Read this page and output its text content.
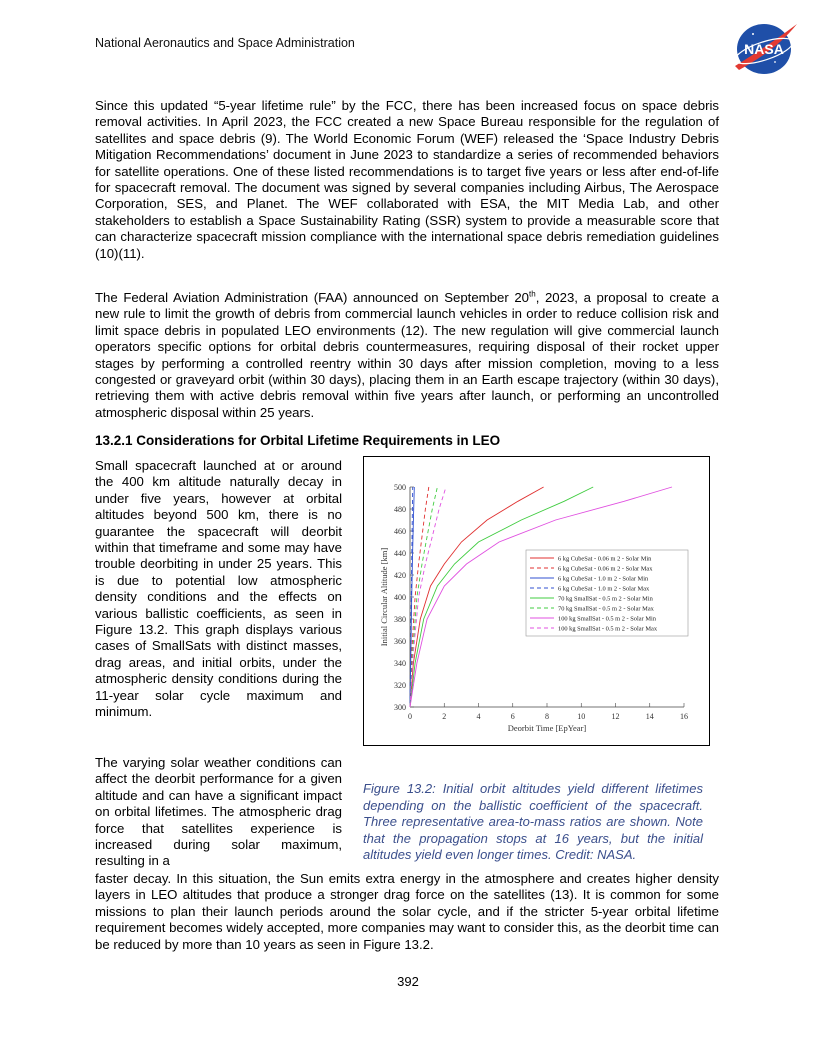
National Aeronautics and Space Administration	NASA

Since this updated “5-year lifetime rule” by the FCC, there has been increased focus on space debris removal activities. In April 2023, the FCC created a new Space Bureau responsible for the regulation of satellites and space debris (9). The World Economic Forum (WEF) released the ‘Space Industry Debris Mitigation Recommendations’ document in June 2023 to standardize a series of recommended behaviors for satellite operations. One of these listed recommendations is to target five years or less after end-of-life for spacecraft removal. The document was signed by several companies including Airbus, The Aerospace Corporation, SES, and Planet. The WEF collaborated with ESA, the MIT Media Lab, and other stakeholders to establish a Space Sustainability Rating (SSR) system to provide a measurable score that can characterize spacecraft mission compliance with the international space debris remediation guidelines (10)(11).

The Federal Aviation Administration (FAA) announced on September 20th, 2023, a proposal to create a new rule to limit the growth of debris from commercial launch vehicles in order to reduce collision risk and limit space debris in populated LEO environments (12). The new regulation will give commercial launch operators specific options for orbital debris countermeasures, requiring disposal of their rocket upper stages by performing a controlled reentry within 30 days after mission completion, moving to a less congested or graveyard orbit (within 30 days), placing them in an Earth escape trajectory (within 30 days), retrieving them with active debris removal within five years after launch, or performing an uncontrolled atmospheric disposal within 25 years.

13.2.1 Considerations for Orbital Lifetime Requirements in LEO

Small spacecraft launched at or around the 400 km altitude naturally decay in under five years, however at orbital altitudes beyond 500 km, there is no guarantee the spacecraft will deorbit within that timeframe and some may have trouble deorbiting in under 25 years. This is due to potential low atmospheric density conditions and the effects on various ballistic coefficients, as seen in Figure 13.2. This graph displays various cases of SmallSats with distinct masses, drag areas, and initial orbits, under the atmospheric density conditions during the 11-year solar cycle maximum and minimum.

The varying solar weather conditions can affect the deorbit performance for a given altitude and can have a significant impact on orbital lifetimes. The atmospheric drag force that satellites experience is increased during solar maximum, resulting in a

faster decay. In this situation, the Sun emits extra energy in the atmosphere and creates higher density layers in LEO altitudes that produce a stronger drag force on the satellites (13). It is common for some missions to plan their launch periods around the solar cycle, and if the stricter 5-year orbital lifetime requirement becomes widely accepted, more companies may want to consider this, as the deorbit time can be reduced by more than 10 years as seen in Figure 13.2.

0	2	4	6	8	10	12	14	16
300
320
340
360
380
400
420
440
460
480
500
Deorbit Time [EpYear]
Initial Circular Altitude [km]	6 kg CubeSat - 0.06 m 2 - Solar Min
6 kg CubeSat - 0.06 m 2 - Solar Max
6 kg CubeSat - 1.0 m 2 - Solar Min
6 kg CubeSat - 1.0 m 2 - Solar Max
70 kg SmallSat - 0.5 m 2 - Solar Min
70 kg SmallSat - 0.5 m 2 - Solar Max
100 kg SmallSat - 0.5 m 2 - Solar Min
100 kg SmallSat - 0.5 m 2 - Solar Max

Figure 13.2: Initial orbit altitudes yield different lifetimes depending on the ballistic coefficient of the spacecraft. Three representative area-to-mass ratios are shown. Note that the propagation stops at 16 years, but the initial altitudes yield even longer times. Credit: NASA.

392
